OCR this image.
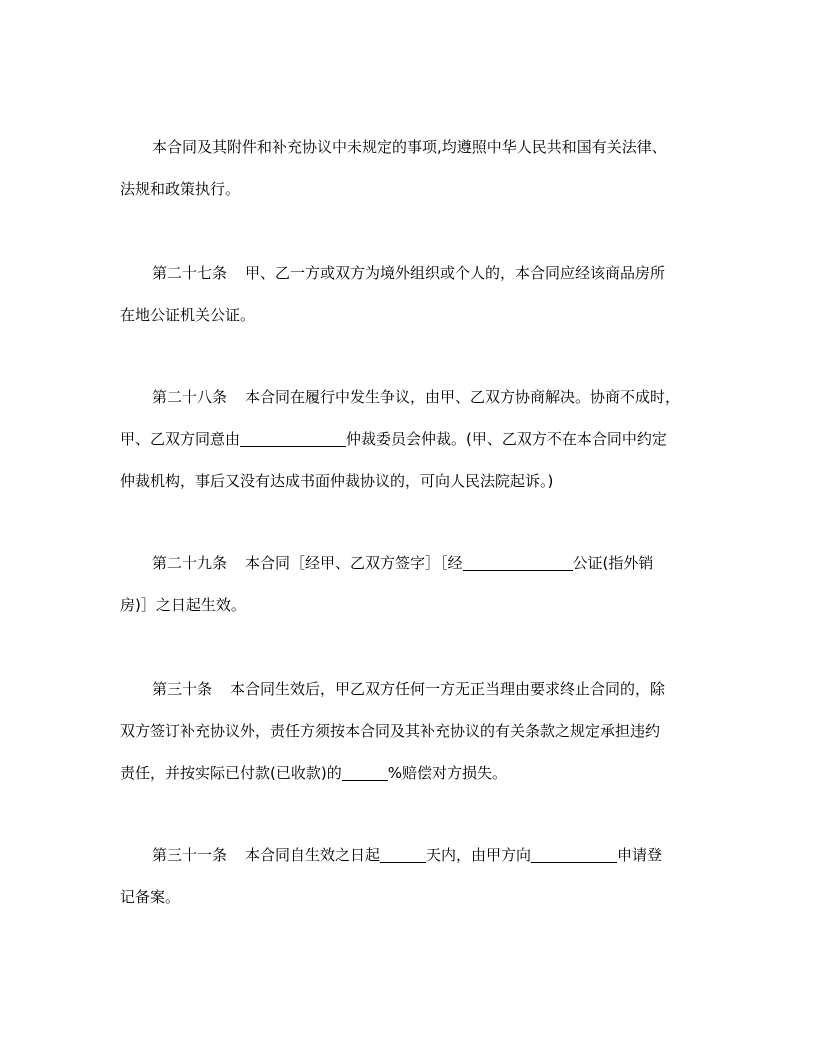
本合同及其附件和补充协议中未规定的事项,均遵照中华人民共和国有关法律、
法规和政策执行。
第二十七条 甲、乙一方或双方为境外组织或个人的，本合同应经该商品房所
在地公证机关公证。
第二十八条 本合同在履行中发生争议，由甲、乙双方协商解决。协商不成时，
甲、乙双方同意由	仲裁委员会仲裁。(甲、乙双方不在本合同中约定
仲裁机构，事后又没有达成书面仲裁协议的，可向人民法院起诉。)
第二十九条 本合同［经甲、乙双方签字］［经	公证(指外销
房)］之日起生效。
第三十条 本合同生效后，甲乙双方任何一方无正当理由要求终止合同的，除
双方签订补充协议外，责任方须按本合同及其补充协议的有关条款之规定承担违约
责任，并按实际已付款(已收款)的	%赔偿对方损失。
第三十一条 本合同自生效之日起	天内，由甲方向	申请登
记备案。
